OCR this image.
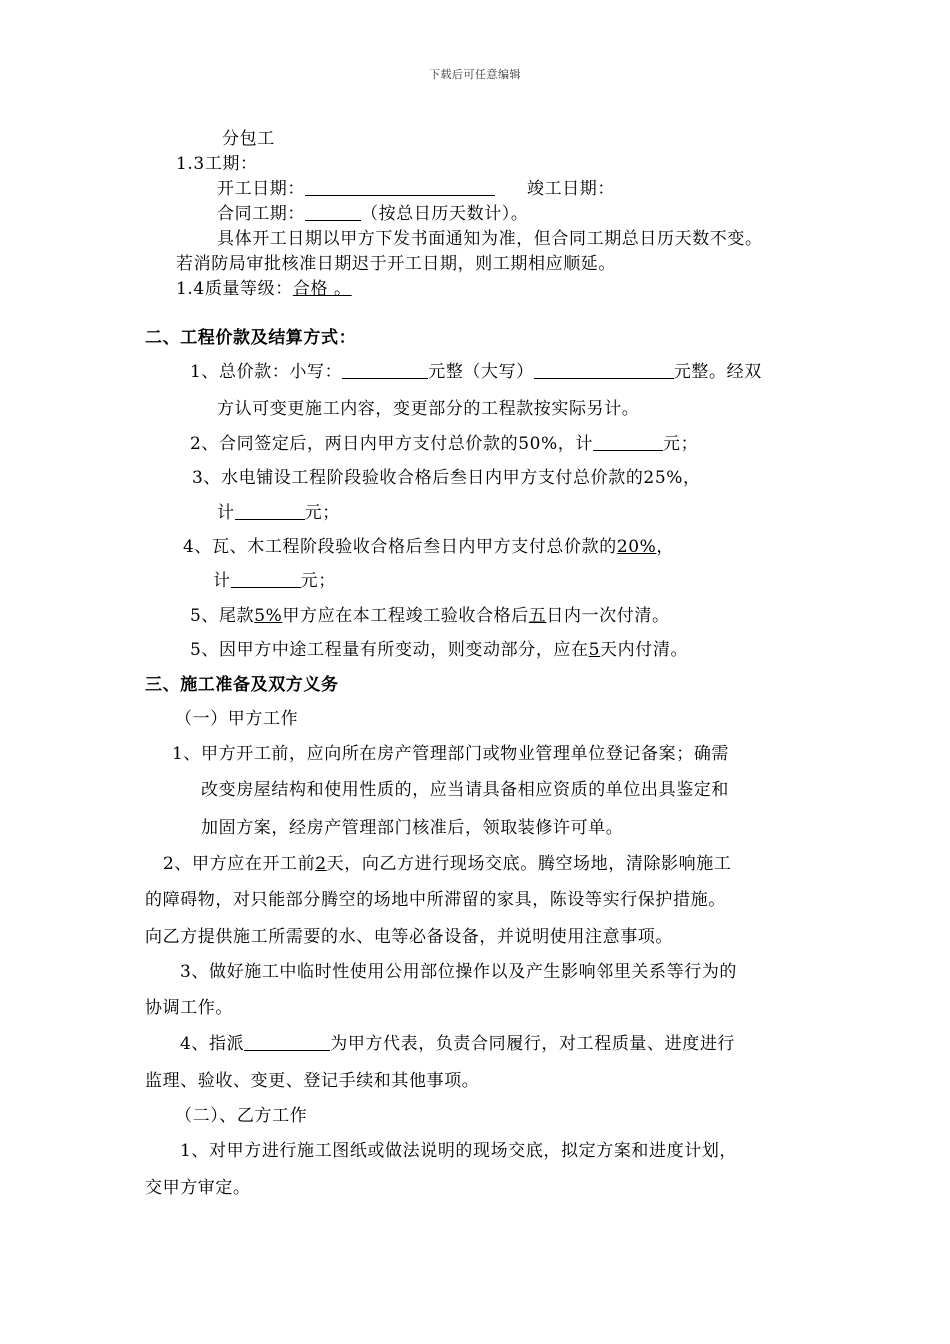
下载后可任意编辑
分包工
1.3工期：
开工日期：	竣工日期：
合同工期：	（按总日历天数计）。
具体开工日期以甲方下发书面通知为准，但合同工期总日历天数不变。
若消防局审批核准日期迟于开工日期，则工期相应顺延。
1.4质量等级：合格 。
二、工程价款及结算方式：
1、总价款：小写：	元整（大写）	元整。经双
方认可变更施工内容，变更部分的工程款按实际另计。
2、合同签定后，两日内甲方支付总价款的50%，计	元；
3、水电铺设工程阶段验收合格后叁日内甲方支付总价款的25%，
计	元；
4、瓦、木工程阶段验收合格后叁日内甲方支付总价款的20%，
计	元；
5、尾款5%甲方应在本工程竣工验收合格后五日内一次付清。
5、因甲方中途工程量有所变动，则变动部分，应在5天内付清。
三、施工准备及双方义务
（一）甲方工作
1、甲方开工前，应向所在房产管理部门或物业管理单位登记备案；确需
改变房屋结构和使用性质的，应当请具备相应资质的单位出具鉴定和
加固方案，经房产管理部门核准后，领取装修许可单。
2、甲方应在开工前2天，向乙方进行现场交底。腾空场地，清除影响施工
的障碍物，对只能部分腾空的场地中所滞留的家具，陈设等实行保护措施。
向乙方提供施工所需要的水、电等必备设备，并说明使用注意事项。
3、做好施工中临时性使用公用部位操作以及产生影响邻里关系等行为的
协调工作。
4、指派	为甲方代表，负责合同履行，对工程质量、进度进行
监理、验收、变更、登记手续和其他事项。
（二）、乙方工作
1、对甲方进行施工图纸或做法说明的现场交底，拟定方案和进度计划，
交甲方审定。
